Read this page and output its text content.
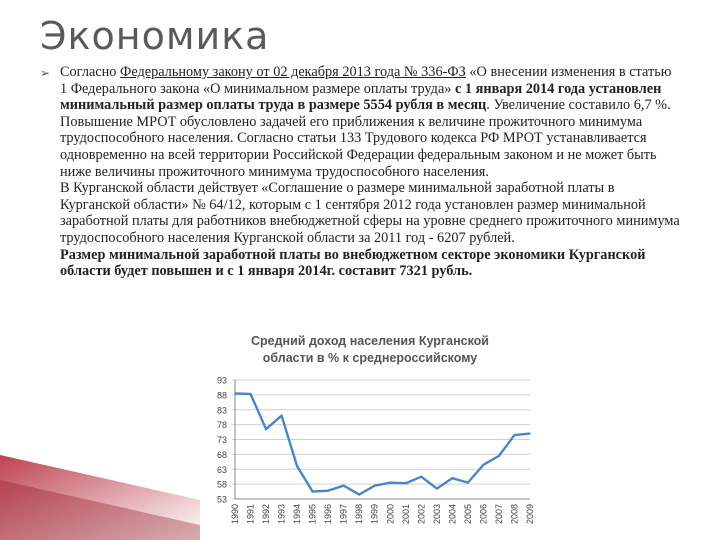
Экономика
➢ Согласно Федеральному закону от 02 декабря 2013 года № 336-ФЗ «О внесении изменения в статью 1 Федерального закона «О минимальном размере оплаты труда» с 1 января 2014 года установлен минимальный размер оплаты труда в размере 5554 рубля в месяц. Увеличение составило 6,7 %.

Повышение МРОТ обусловлено задачей его приближения к величине прожиточного минимума трудоспособного населения. Согласно статьи 133 Трудового кодекса РФ МРОТ устанавливается одновременно на всей территории Российской Федерации федеральным законом и не может быть ниже величины прожиточного минимума трудоспособного населения.

В Курганской области действует «Соглашение о размере минимальной заработной платы в Курганской области» № 64/12, которым с 1 сентября 2012 года установлен размер минимальной заработной платы для работников внебюджетной сферы на уровне среднего прожиточного минимума трудоспособного населения Курганской области за 2011 год - 6207 рублей.

Размер минимальной заработной платы во внебюджетном секторе экономики Курганской области будет повышен и с 1 января 2014г. составит 7321 рубль.

Средний доход населения Курганской области в % к среднероссийскому
93
88
83
78
73
68
63
58
53
1990 1991 1992 1993 1994 1995 1996 1997 1998 1999 2000 2001 2002 2003 2004 2005 2006 2007 2008 2009
